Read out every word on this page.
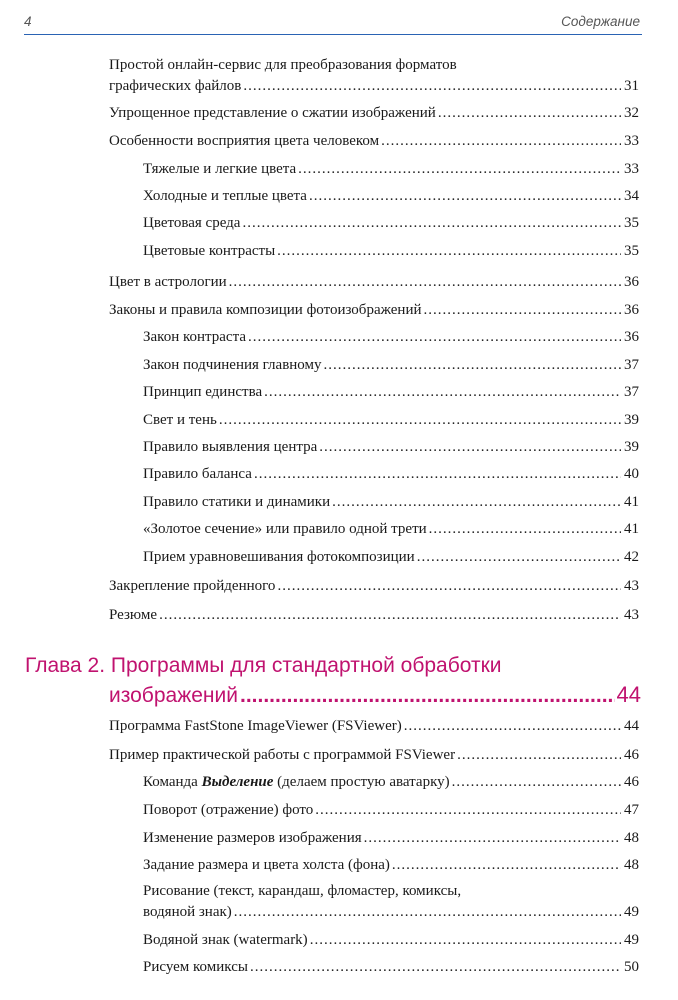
4	Содержание
Простой онлайн-сервис для преобразования форматов
графических файлов .....	31
Упрощенное представление о сжатии изображений .....	32
Особенности восприятия цвета человеком .....	33
Тяжелые и легкие цвета .....	33
Холодные и теплые цвета .....	34
Цветовая среда .....	35
Цветовые контрасты .....	35
Цвет в астрологии .....	36
Законы и правила композиции фотоизображений .....	36
Закон контраста .....	36
Закон подчинения главному .....	37
Принцип единства .....	37
Свет и тень .....	39
Правило выявления центра .....	39
Правило баланса .....	40
Правило статики и динамики .....	41
«Золотое сечение» или правило одной трети .....	41
Прием уравновешивания фотокомпозиции .....	42
Закрепление пройденного .....	43
Резюме .....	43
Глава 2. Программы для стандартной обработки
изображений .....	44
Программа FastStone ImageViewer (FSViewer) .....	44
Пример практической работы с программой FSViewer .....	46
Команда Выделение (делаем простую аватарку) .....	46
Поворот (отражение) фото .....	47
Изменение размеров изображения .....	48
Задание размера и цвета холста (фона) .....	48
Рисование (текст, карандаш, фломастер, комиксы,
водяной знак) .....	49
Водяной знак (watermark) .....	49
Рисуем комиксы .....	50
